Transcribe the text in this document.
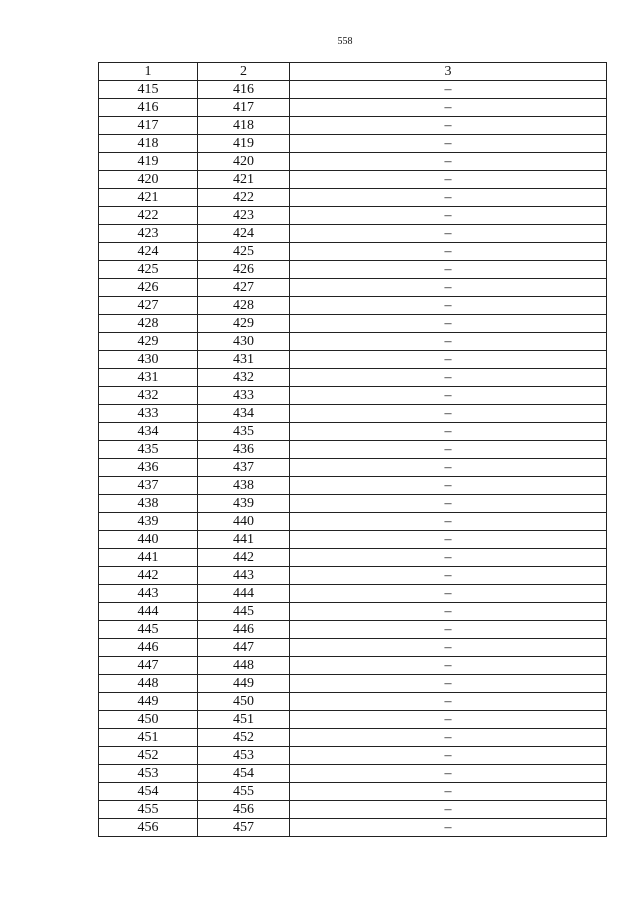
558
1	2	3
415	416	–
416	417	–
417	418	–
418	419	–
419	420	–
420	421	–
421	422	–
422	423	–
423	424	–
424	425	–
425	426	–
426	427	–
427	428	–
428	429	–
429	430	–
430	431	–
431	432	–
432	433	–
433	434	–
434	435	–
435	436	–
436	437	–
437	438	–
438	439	–
439	440	–
440	441	–
441	442	–
442	443	–
443	444	–
444	445	–
445	446	–
446	447	–
447	448	–
448	449	–
449	450	–
450	451	–
451	452	–
452	453	–
453	454	–
454	455	–
455	456	–
456	457	–
